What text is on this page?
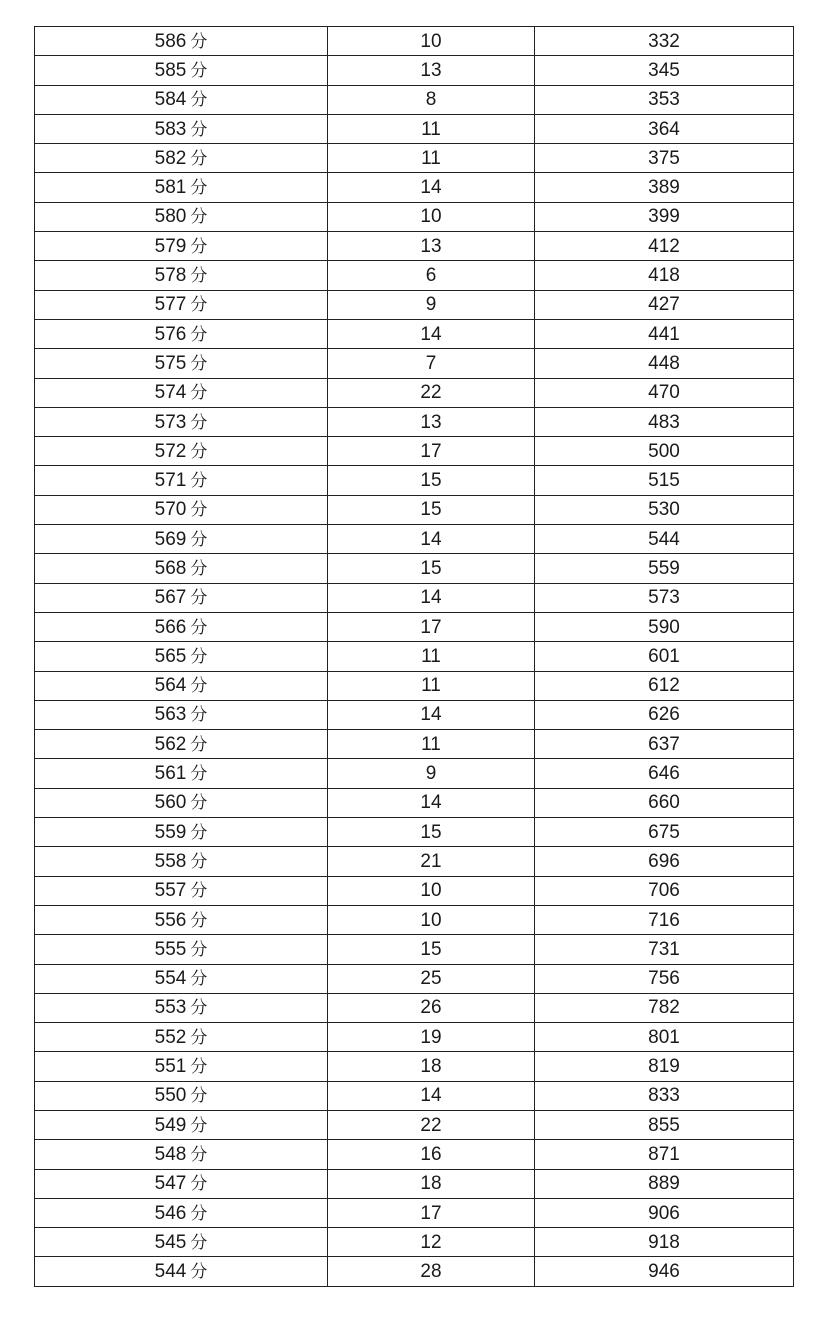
586 分	10	332
585 分	13	345
584 分	8	353
583 分	11	364
582 分	11	375
581 分	14	389
580 分	10	399
579 分	13	412
578 分	6	418
577 分	9	427
576 分	14	441
575 分	7	448
574 分	22	470
573 分	13	483
572 分	17	500
571 分	15	515
570 分	15	530
569 分	14	544
568 分	15	559
567 分	14	573
566 分	17	590
565 分	11	601
564 分	11	612
563 分	14	626
562 分	11	637
561 分	9	646
560 分	14	660
559 分	15	675
558 分	21	696
557 分	10	706
556 分	10	716
555 分	15	731
554 分	25	756
553 分	26	782
552 分	19	801
551 分	18	819
550 分	14	833
549 分	22	855
548 分	16	871
547 分	18	889
546 分	17	906
545 分	12	918
544 分	28	946
